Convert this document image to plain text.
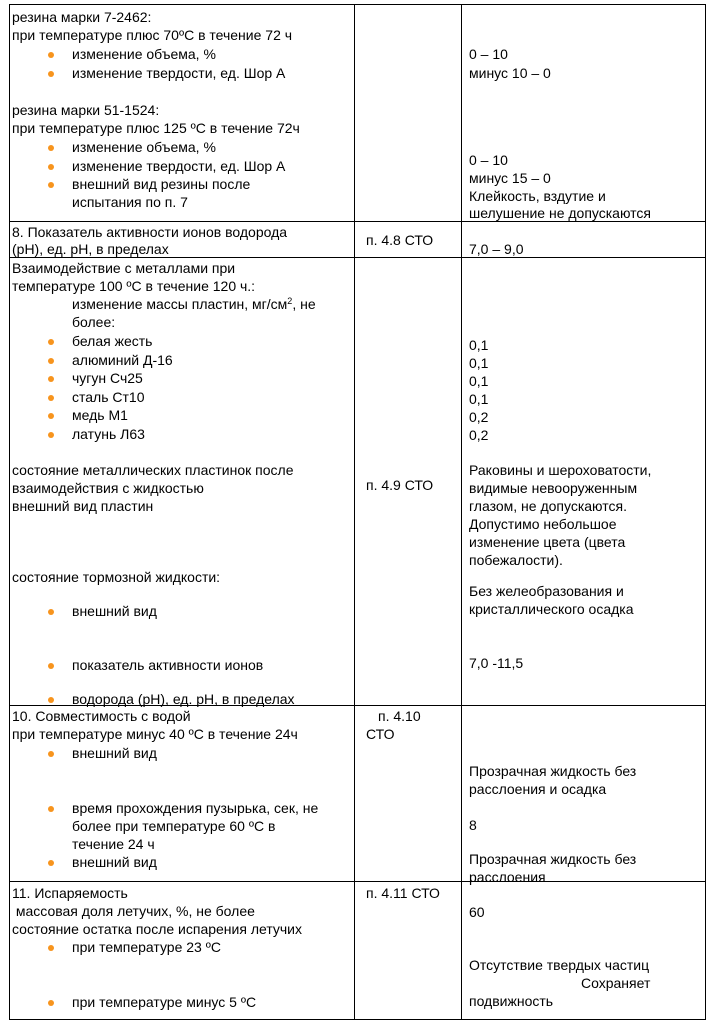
резина марки 7-2462:
при температуре плюс 70ºС в течение 72 ч
изменение объема, %
изменение твердости, ед. Шор А
резина марки 51-1524:
при температуре плюс 125 ºС в течение 72ч
изменение объема, %
изменение твердости, ед. Шор А
внешний вид резины после
испытания по п. 7
0 – 10
минус 10 – 0
0 – 10
минус 15 – 0
Клейкость, вздутие и
шелушение не допускаются
8. Показатель активности ионов водорода
(pH), ед. pH, в пределах
п. 4.8 СТО
7,0 – 9,0
Взаимодействие с металлами при
температуре 100 ºС в течение 120 ч.:
изменение массы пластин, $мг/см^2$, не
более:
белая жесть
алюминий Д-16
чугун Сч25
сталь Ст10
медь М1
латунь Л63
состояние металлических пластинок после
взаимодействия с жидкостью
внешний вид пластин
состояние тормозной жидкости:
внешний вид
показатель активности ионов
водорода (pH), ед. pH, в пределах
п. 4.9 СТО
0,1
0,1
0,1
0,1
0,2
0,2
Раковины и шероховатости,
видимые невооруженным
глазом, не допускаются.
Допустимо небольшое
изменение цвета (цвета
побежалости).
Без желеобразования и
кристаллического осадка
7,0 -11,5
10. Совместимость с водой
при температуре минус 40 ºС в течение 24ч
внешний вид
время прохождения пузырька, сек, не
более при температуре 60 ºС в
течение 24 ч
внешний вид
п. 4.10
СТО
Прозрачная жидкость без
расслоения и осадка
8
Прозрачная жидкость без
расслоения
11. Испаряемость
массовая доля летучих, %, не более
состояние остатка после испарения летучих
при температуре 23 ºС
при температуре минус 5 ºС
п. 4.11 СТО
60
Отсутствие твердых частиц
Сохраняет
подвижность
